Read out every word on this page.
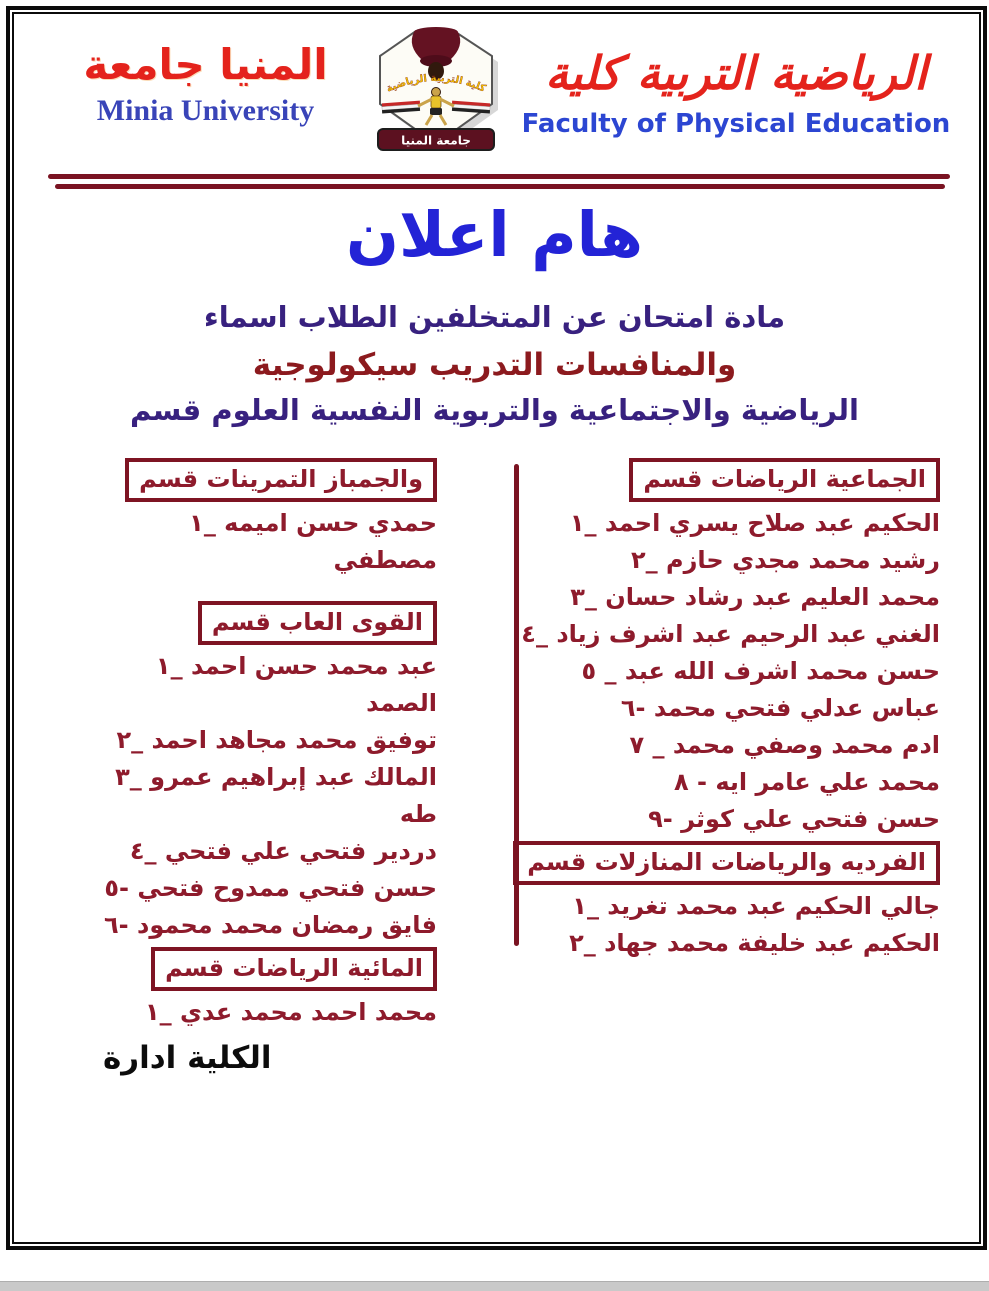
جامعة المنيا
Minia University
كلية التربية الرياضية
جامعة المنيا
كلية التربية الرياضية
Faculty of Physical Education
اعلان هام
اسماء الطلاب المتخلفين عن امتحان مادة
سيكولوجية التدريب والمنافسات
قسم العلوم النفسية والتربوية والاجتماعية الرياضية
قسم الرياضات الجماعية
١_ احمد يسري صلاح عبد الحكيم
٢_ حازم مجدي محمد رشيد
٣_ حسان رشاد عبد العليم محمد
٤_ زياد اشرف عبد الرحيم عبد الغني
٥ _ عبد الله اشرف محمد حسن
٦- محمد فتحي عدلي عباس
٧ _ محمد وصفي محمد ادم
٨ - ايه عامر علي محمد
٩- كوثر علي فتحي حسن
قسم المنازلات والرياضات الفرديه
١_ تغريد محمد عبد الحكيم جالي
٢_ جهاد محمد خليفة عبد الحكيم
قسم التمرينات والجمباز
١_ اميمه حسن حمدي مصطفي
قسم العاب القوى
١_ احمد حسن محمد عبد الصمد
٢_ احمد مجاهد محمد توفيق
٣_ عمرو إبراهيم عبد المالك طه
٤_ فتحي علي فتحي دردير
٥- فتحي ممدوح فتحي حسن
٦- محمود محمد رمضان فايق
قسم الرياضات المائية
١_ عدي محمد احمد محمد
ادارة الكلية
